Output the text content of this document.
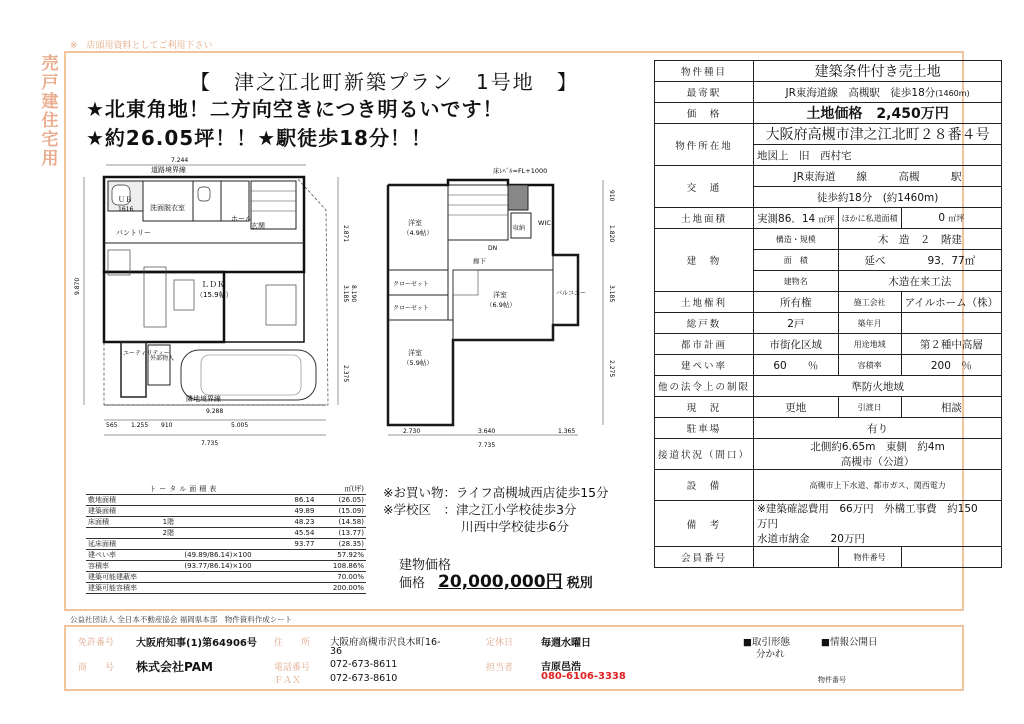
※　店頭用資料としてご利用下さい
売戸建住宅用
【　津之江北町新築プラン　1号地　】
★北東角地！二方向空きにつき明るいです！
★約26.05坪！！★駅徒歩18分！！
7.244
道路境界線
ＵＢ
1616 洗面脱衣室
ホール
玄関
パントリー
ＬＤＫ
（15.9帖）
ユーティリティー
外部物入
隣地境界線
9.288
565 1.255 910	5.005
7.735
9.870
2.871
3.185 8.190
2.375
床ﾚﾍﾞﾙ=FL+1000
洋室
（4.9帖）
クローゼット
クローゼット
洋室
（5.9帖）
DN
廊下
WIC
収納
洋室
（6.9帖）
バルコニー
2.730	3.640	1.365
7.735
910
1.820
3.185
2.275
物件種目	建築条件付き売土地		
最寄駅	JR東海道線　高槻駅　徒歩18分(1460m)		
価　格	土地価格　2,450万円		
物件所在地	大阪府高槻市津之江北町２８番４号		
	地図上　旧　西村宅		
交　通	JR東海道　　線　　　高槻　　　駅		
	徒歩約18分　(約1460m)		
土地面積	実測86．14 ㎡坪	ほかに私道面積	0 ㎡坪
建　物	構造・規模	木　造　２　階建	
	面　積	延べ　　　　93．77㎡	
	建物名	木造在来工法	
土地権利	所有権	施工会社	アイルホーム（株）
総戸数	2戸	築年月	
都市計画	市街化区域	用途地域	第２種中高層
建ぺい率	60　　 ％	容積率	200　 ％
他の法令上の制限	準防火地域		
現　況	更地	引渡日	相談
駐車場	有り		
接道状況（間口）	北側約6.65m　東側　約4m
高槻市（公道）		

設　備	高槻市上下水道、都市ガス、関西電力		
備　考	※建築確認費用　66万円　外構工事費　約150
万円
水道市納金　　20万円		

会員番号		物件番号	
トータル面積表			㎡(坪)	
敷地面積			86.14	(26.05)
建築面積			49.89	(15.09)
床面積	1階		48.23	(14.58)
	2階		45.54	(13.77)
延床面積			93.77	(28.35)
建ぺい率		(49.89/86.14)×100		57.92%
容積率		(93.77/86.14)×100		108.86%
建築可能建蔽率				70.00%
建築可能容積率				200.00%
※お買い物：ライフ高槻城西店徒歩15分
※学校区　：津之江小学校徒歩3分
川西中学校徒歩6分
建物価格
価格　 20,000,000円 税別
公益社団法人 全日本不動産協会 福岡県本部　物件資料作成シート
免許番号 大阪府知事(1)第64906号 住　　所 大阪府高槻市沢良木町16-
36
定休日	毎週水曜日	■取引形態
分かれ
■情報公開日
商　　号 株式会社PAM	電話番号 072-673-8611
ＦＡＸ	072-673-8610
担当者	吉原邑浩
080-6106-3338	物件番号
